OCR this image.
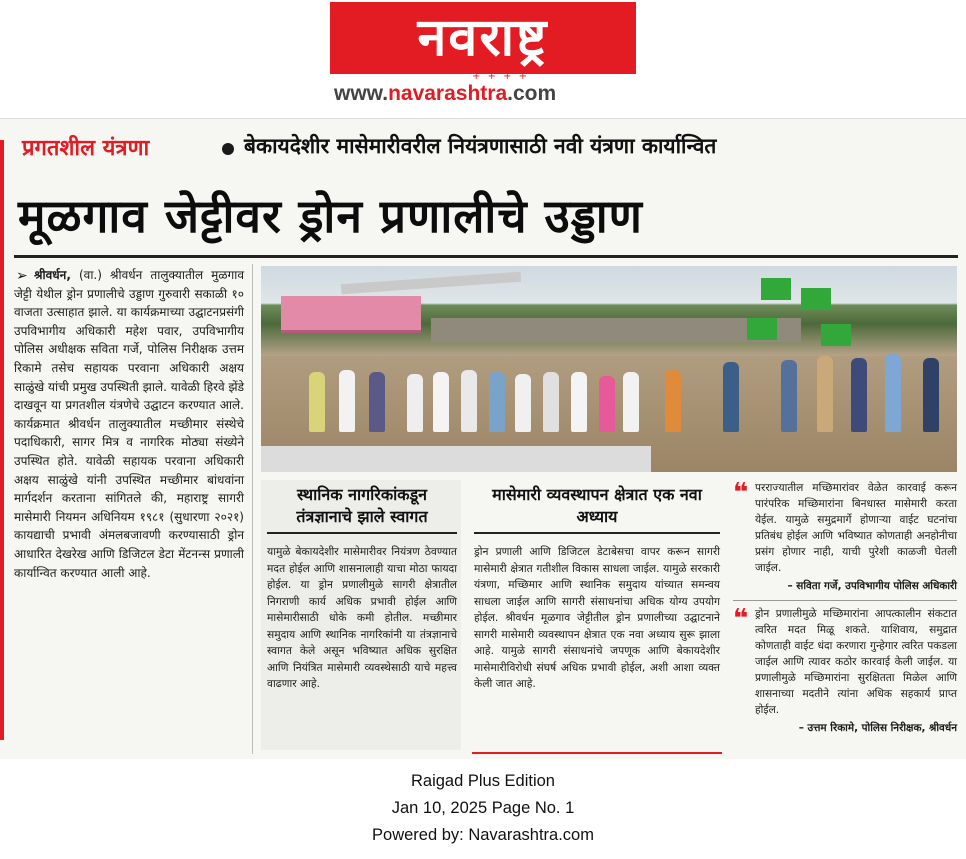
नवराष्ट्र
+ + + +
www.navarashtra.com
प्रगतशील यंत्रणा	बेकायदेशीर मासेमारीवरील नियंत्रणासाठी नवी यंत्रणा कार्यान्वित
मूळगाव जेट्टीवर ड्रोन प्रणालीचे उड्डाण
श्रीवर्धन, (वा.) श्रीवर्धन तालुक्यातील मुळगाव जेट्टी येथील ड्रोन प्रणालीचे उड्डाण गुरुवारी सकाळी १० वाजता उत्साहात झाले. या कार्यक्रमाच्या उद्घाटनप्रसंगी उपविभागीय अधिकारी महेश पवार, उपविभागीय पोलिस अधीक्षक सविता गर्जे, पोलिस निरीक्षक उत्तम रिकामे तसेच सहायक परवाना अधिकारी अक्षय साळुंखे यांची प्रमुख उपस्थिती झाले. यावेळी हिरवे झेंडे दाखवून या प्रगतशील यंत्रणेचे उद्घाटन करण्यात आले. कार्यक्रमात श्रीवर्धन तालुक्यातील मच्छीमार संस्थेचे पदाधिकारी, सागर मित्र व नागरिक मोठ्या संख्येने उपस्थित होते. यावेळी सहायक परवाना अधिकारी अक्षय साळुंखे यांनी उपस्थित मच्छीमार बांधवांना मार्गदर्शन करताना सांगितले की, महाराष्ट्र सागरी मासेमारी नियमन अधिनियम १९८१ (सुधारणा २०२१) कायद्याची प्रभावी अंमलबजावणी करण्यासाठी ड्रोन आधारित देखरेख आणि डिजिटल डेटा मेंटनन्स प्रणाली कार्यान्वित करण्यात आली आहे.
➢
स्थानिक नागरिकांकडून तंत्रज्ञानाचे झाले स्वागत

यामुळे बेकायदेशीर मासेमारीवर नियंत्रण ठेवण्यात मदत होईल आणि शासनालाही याचा मोठा फायदा होईल. या ड्रोन प्रणालीमुळे सागरी क्षेत्रातील निगराणी कार्य अधिक प्रभावी होईल आणि मासेमारीसाठी धोके कमी होतील. मच्छीमार समुदाय आणि स्थानिक नागरिकांनी या तंत्रज्ञानाचे स्वागत केले असून भविष्यात अधिक सुरक्षित आणि नियंत्रित मासेमारी व्यवस्थेसाठी याचे महत्त्व वाढणार आहे.

मासेमारी व्यवस्थापन क्षेत्रात एक नवा अध्याय

ड्रोन प्रणाली आणि डिजिटल डेटाबेसचा वापर करून सागरी मासेमारी क्षेत्रात गतीशील विकास साधला जाईल. यामुळे सरकारी यंत्रणा, मच्छिमार आणि स्थानिक समुदाय यांच्यात समन्वय साधला जाईल आणि सागरी संसाधनांचा अधिक योग्य उपयोग होईल. श्रीवर्धन मूळगाव जेट्टीतील ड्रोन प्रणालीच्या उद्घाटनाने सागरी मासेमारी व्यवस्थापन क्षेत्रात एक नवा अध्याय सुरू झाला आहे. यामुळे सागरी संसाधनांचे जपणूक आणि बेकायदेशीर मासेमारीविरोधी संघर्ष अधिक प्रभावी होईल, अशी आशा व्यक्त केली जात आहे.

❝ परराज्यातील मच्छिमारांवर वेळेत कारवाई करून पारंपरिक मच्छिमारांना बिनधास्त मासेमारी करता येईल. यामुळे समुद्रमार्गे होणाऱ्या वाईट घटनांचा प्रतिबंध होईल आणि भविष्यात कोणताही अनहोनीचा प्रसंग होणार नाही, याची पुरेशी काळजी घेतली जाईल.
– सविता गर्जे, उपविभागीय पोलिस अधिकारी
❝ ड्रोन प्रणालीमुळे मच्छिमारांना आपत्कालीन संकटात त्वरित मदत मिळू शकते. याशिवाय, समुद्रात कोणताही वाईट धंदा करणारा गुन्हेगार त्वरित पकडला जाईल आणि त्यावर कठोर कारवाई केली जाईल. या प्रणालीमुळे मच्छिमारांना सुरक्षितता मिळेल आणि शासनाच्या मदतीने त्यांना अधिक सहकार्य प्राप्त होईल.
– उत्तम रिकामे, पोलिस निरीक्षक, श्रीवर्धन
Raigad Plus Edition
Jan 10, 2025 Page No. 1
Powered by: Navarashtra.com
